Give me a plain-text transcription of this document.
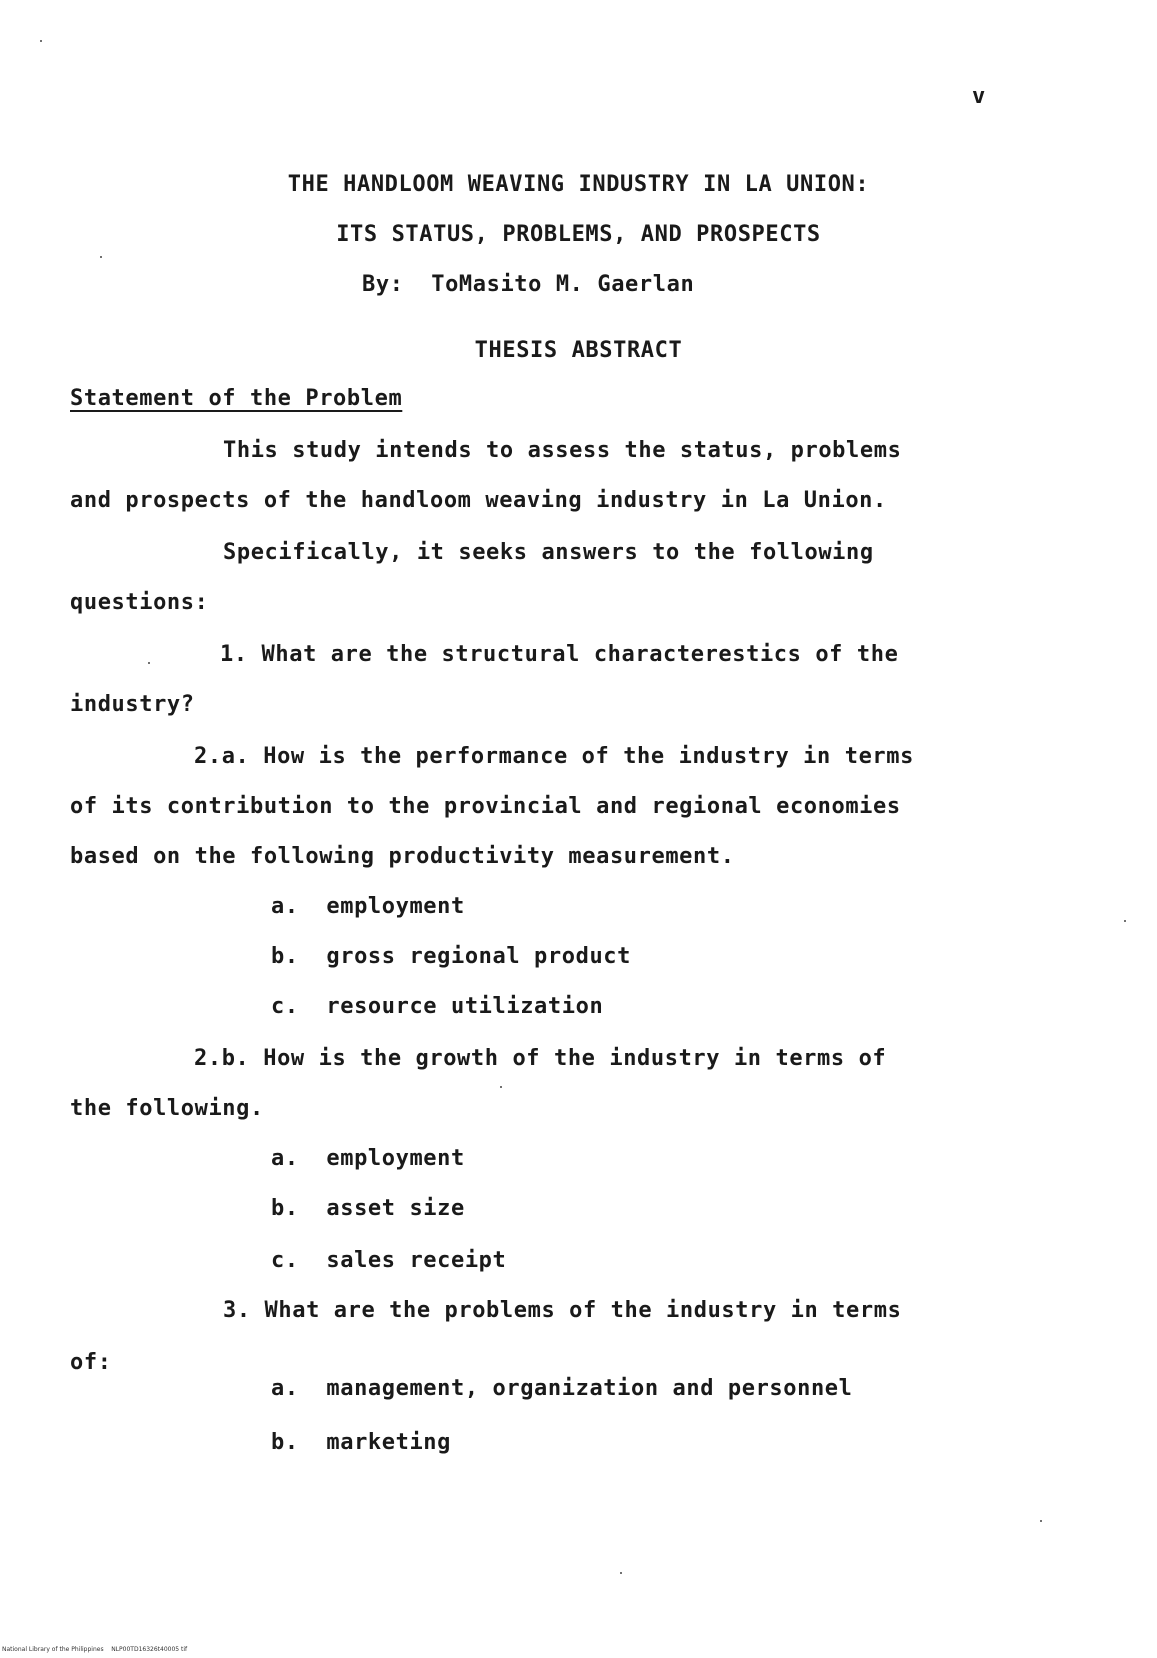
v
THE HANDLOOM WEAVING INDUSTRY IN LA UNION:
ITS STATUS, PROBLEMS, AND PROSPECTS
By:  ToMasito M. Gaerlan
THESIS ABSTRACT
Statement of the Problem
This study intends to assess the status, problems
and prospects of the handloom weaving industry in La Union.
Specifically, it seeks answers to the following
questions:
1. What are the structural characterestics of the
industry?
2.a. How is the performance of the industry in terms
of its contribution to the provincial and regional economies
based on the following productivity measurement.
a.  employment
b.  gross regional product
c.  resource utilization
2.b. How is the growth of the industry in terms of
the following.
a.  employment
b.  asset size
c.  sales receipt
3. What are the problems of the industry in terms
of:
a.  management, organization and personnel
b.  marketing
National Library of the Philippines    NLP00TD16326t40005 tif
